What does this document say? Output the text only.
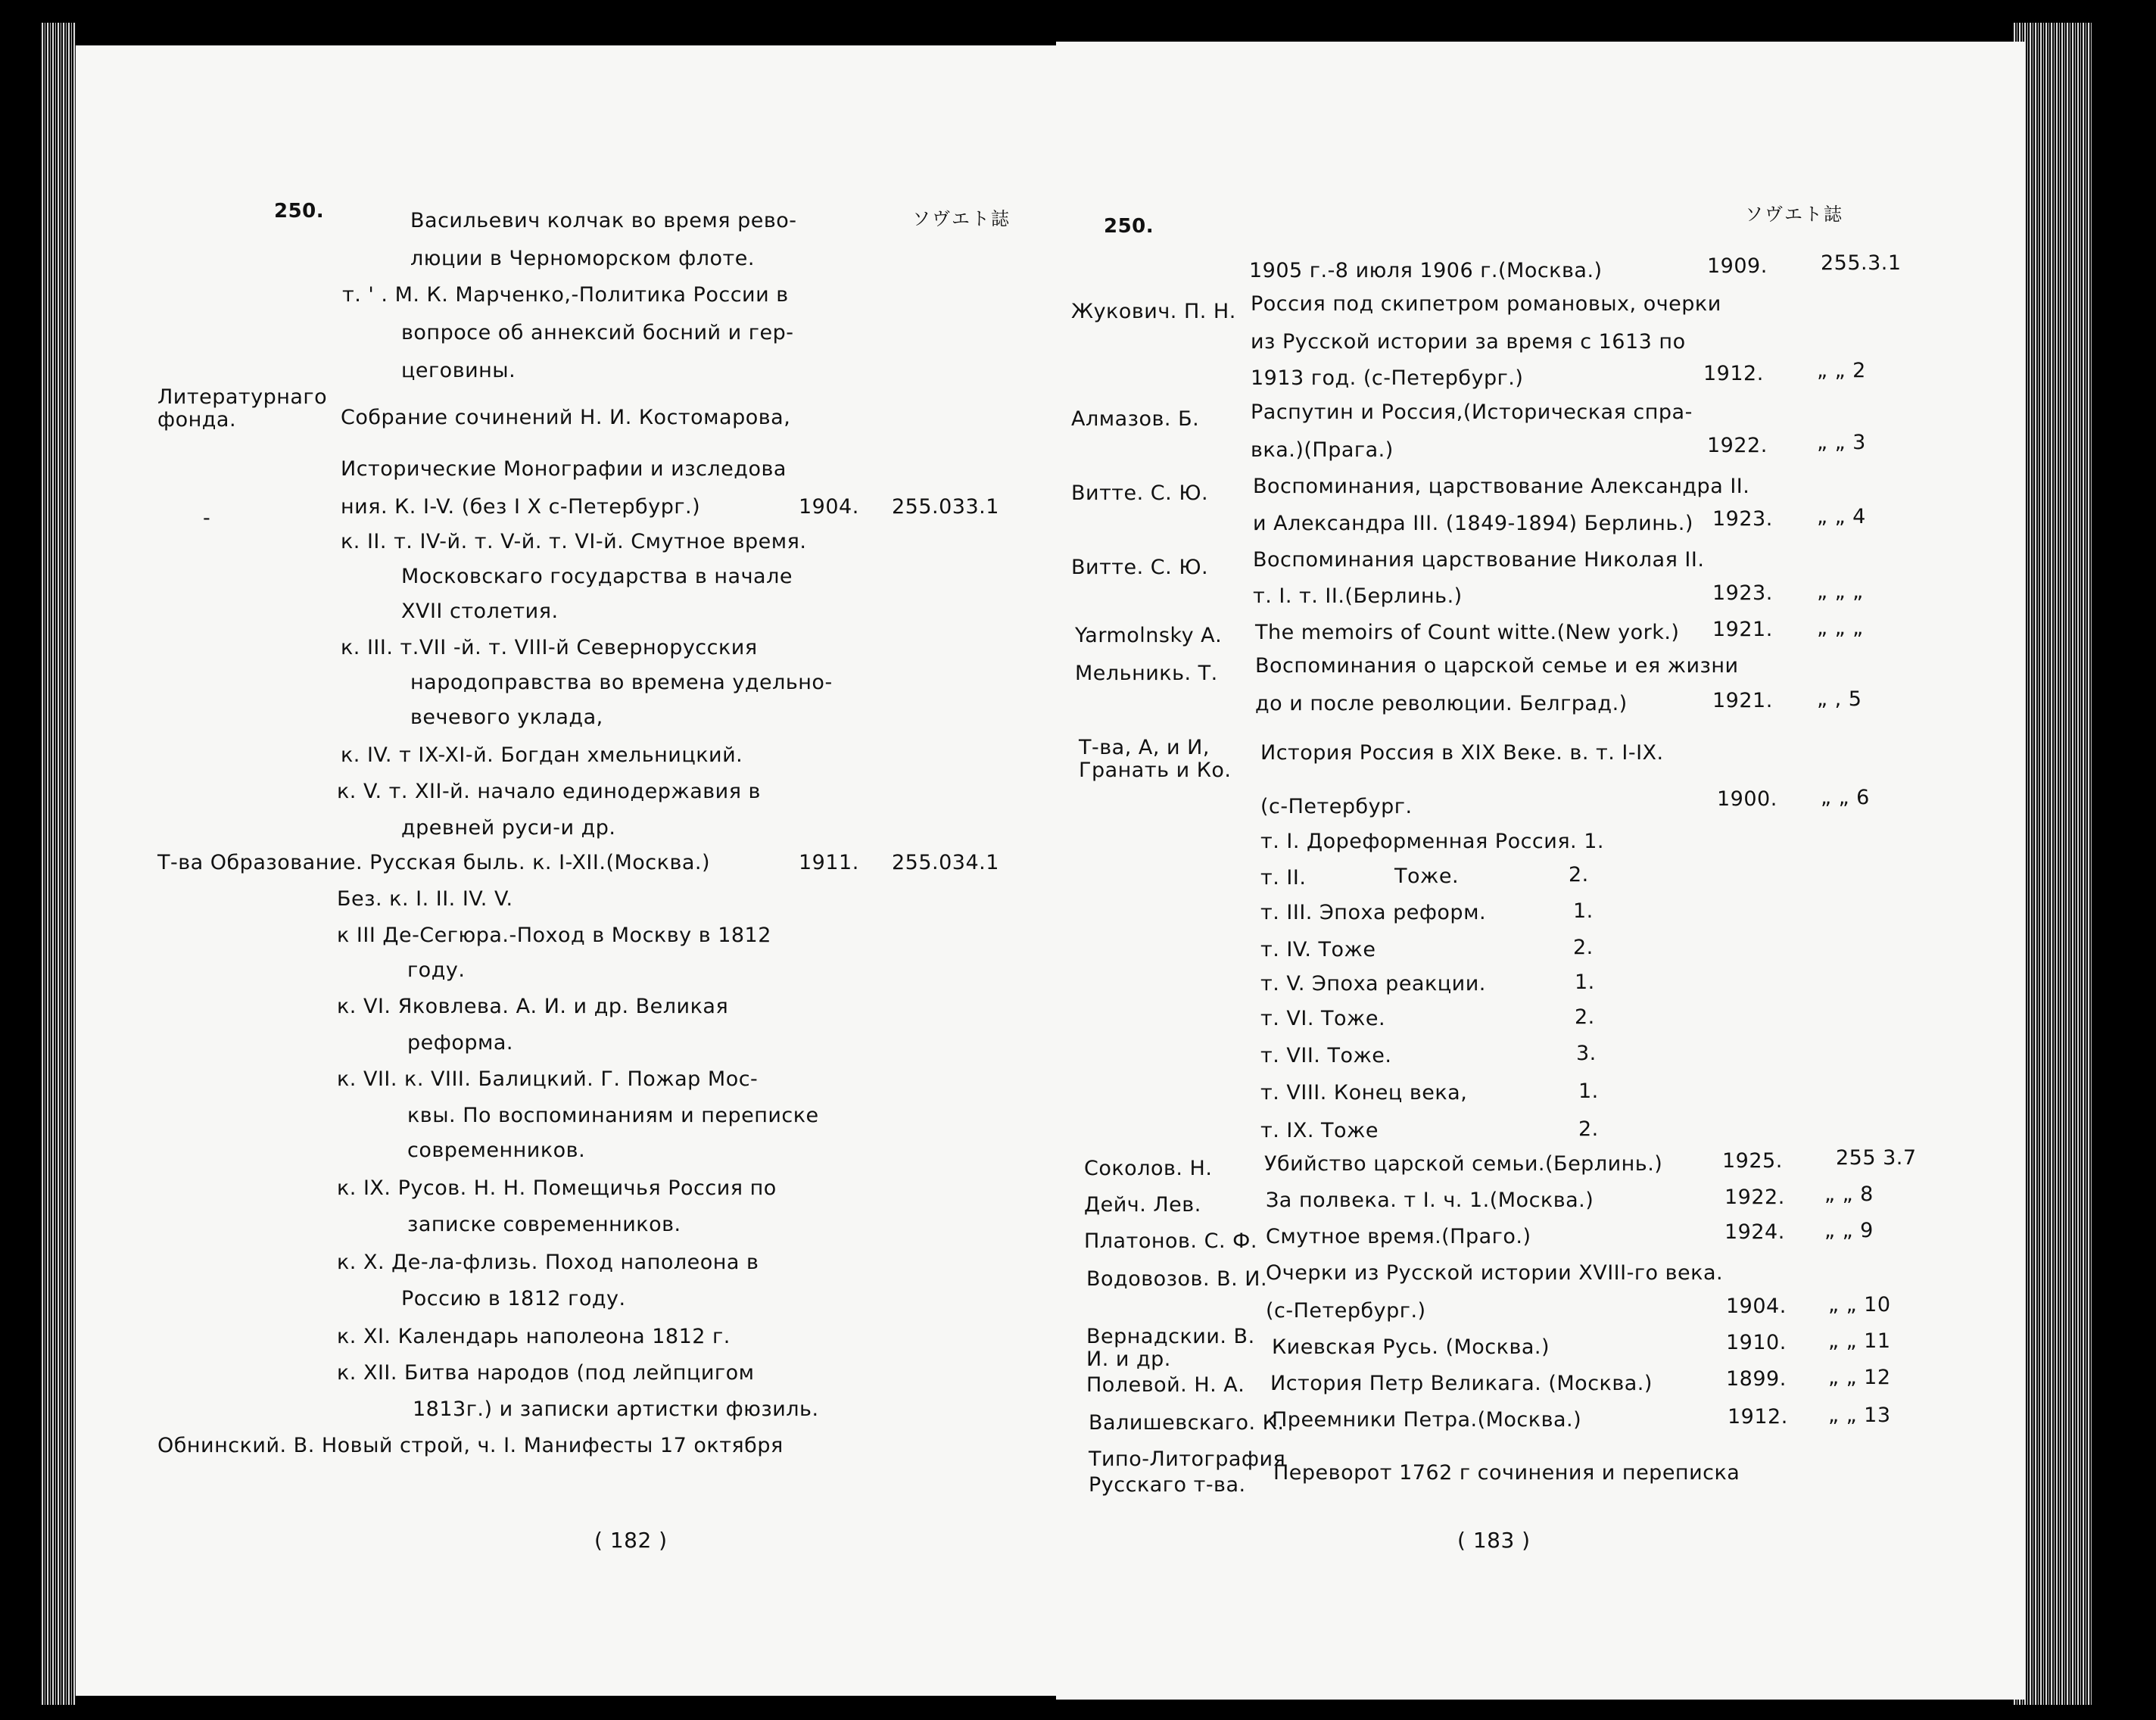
250.	ソヴエト誌
( 182 )
250.
ソヴエト誌
( 183 )
Васильевич колчак во время рево-
люции в Черноморском флоте.
т. ' . М. К. Марченко,-Политика России в
вопросе об аннексий босний и гер-
цеговины.
Литературнаго
фонда.	Собрание сочинений Н. И. Костомарова,
Исторические Монографии и изследова
ния. К. I-V. (без I X с-Петербург.)	1904. 255.033.1
-
к. II. т. IV-й. т. V-й. т. VI-й. Смутное время.
Московскаго государства в начале
XVII столетия.
к. III. т.VII -й. т. VIII-й Севернорусския
народоправства во времена удельно-
вечевого уклада,
к. IV. т IX-XI-й. Богдан хмельницкий.
к. V. т. XII-й. начало единодержавия в
древней руси-и др.
Т-ва Образование. Русская быль. к. I-XII.(Москва.)	1911. 255.034.1
Без. к. I. II. IV. V.
к III Де-Сегюра.-Поход в Москву в 1812
году.
к. VI. Яковлева. А. И. и др. Великая
реформа.
к. VII. к. VIII. Балицкий. Г. Пожар Мос-
квы. По воспоминаниям и переписке
современников.
к. IX. Русов. Н. Н. Помещичья Россия по
записке современников.
к. X. Де-ла-флизь. Поход наполеона в
Россию в 1812 году.
к. XI. Календарь наполеона 1812 г.
к. XII. Битва народов (под лейпцигом
1813г.) и записки артистки фюзиль.
Обнинский. В. Новый строй, ч. I. Манифесты 17 октября
1905 г.-8 июля 1906 г.(Москва.)	1909.	255.3.1
Жукович. П. Н. Россия под скипетром романовых, очерки
из Русской истории за время с 1613 по
1913 год. (с-Петербург.)	1912.	„ „ 2
Алмазов. Б.	Распутин и Россия,(Историческая спра-
вка.)(Прага.)	1922. „ „ 3
Витте. С. Ю. Воспоминания, царствование Александра II.
и Александра III. (1849-1894) Берлинь.) 1923. „ „ 4
Витте. С. Ю. Воспоминания царствование Николая II.
т. I. т. II.(Берлинь.)	1923. „ „ „
Yarmolnsky А. The memoirs of Count witte.(New york.) 1921. „ „ „
Мельникь. Т. Воспоминания о царской семье и ея жизни
до и после революции. Белград.)	1921. „ , 5
Т-ва, А, и И,
Гранать и Ко.
История Россия в XIX Веке. в. т. I-IX.
(с-Петербург.	1900. „ „ 6
т. I. Дореформенная Россия. 1.
т. II.	Тоже.	2.
т. III. Эпоха реформ.	1.
т. IV. Тоже	2.
т. V. Эпоха реакции.	1.
т. VI. Тоже.	2.
т. VII. Тоже.	3.
т. VIII. Конец века,	1.
т. IX. Тоже	2.
Соколов. Н.	Убийство царской семьи.(Берлинь.)	1925.	255 3.7
Дейч. Лев.	За полвека. т I. ч. 1.(Москва.)	1922. „ „ 8
Платонов. С. Ф. Смутное время.(Праго.)	1924. „ „ 9
Водовозов. В. И.
Очерки из Русской истории XVIII-го века.
(с-Петербург.)	1904. „ „ 10
Вернадскии. В.
И. и др.
Киевская Русь. (Москва.)	1910. „ „ 11
Полевой. Н. А. История Петр Великага. (Москва.)	1899. „ „ 12
Валишевскаго. К.
Преемники Петра.(Москва.)	1912. „ „ 13
Типо-Литография
Русскаго т-ва.
Переворот 1762 г сочинения и переписка
